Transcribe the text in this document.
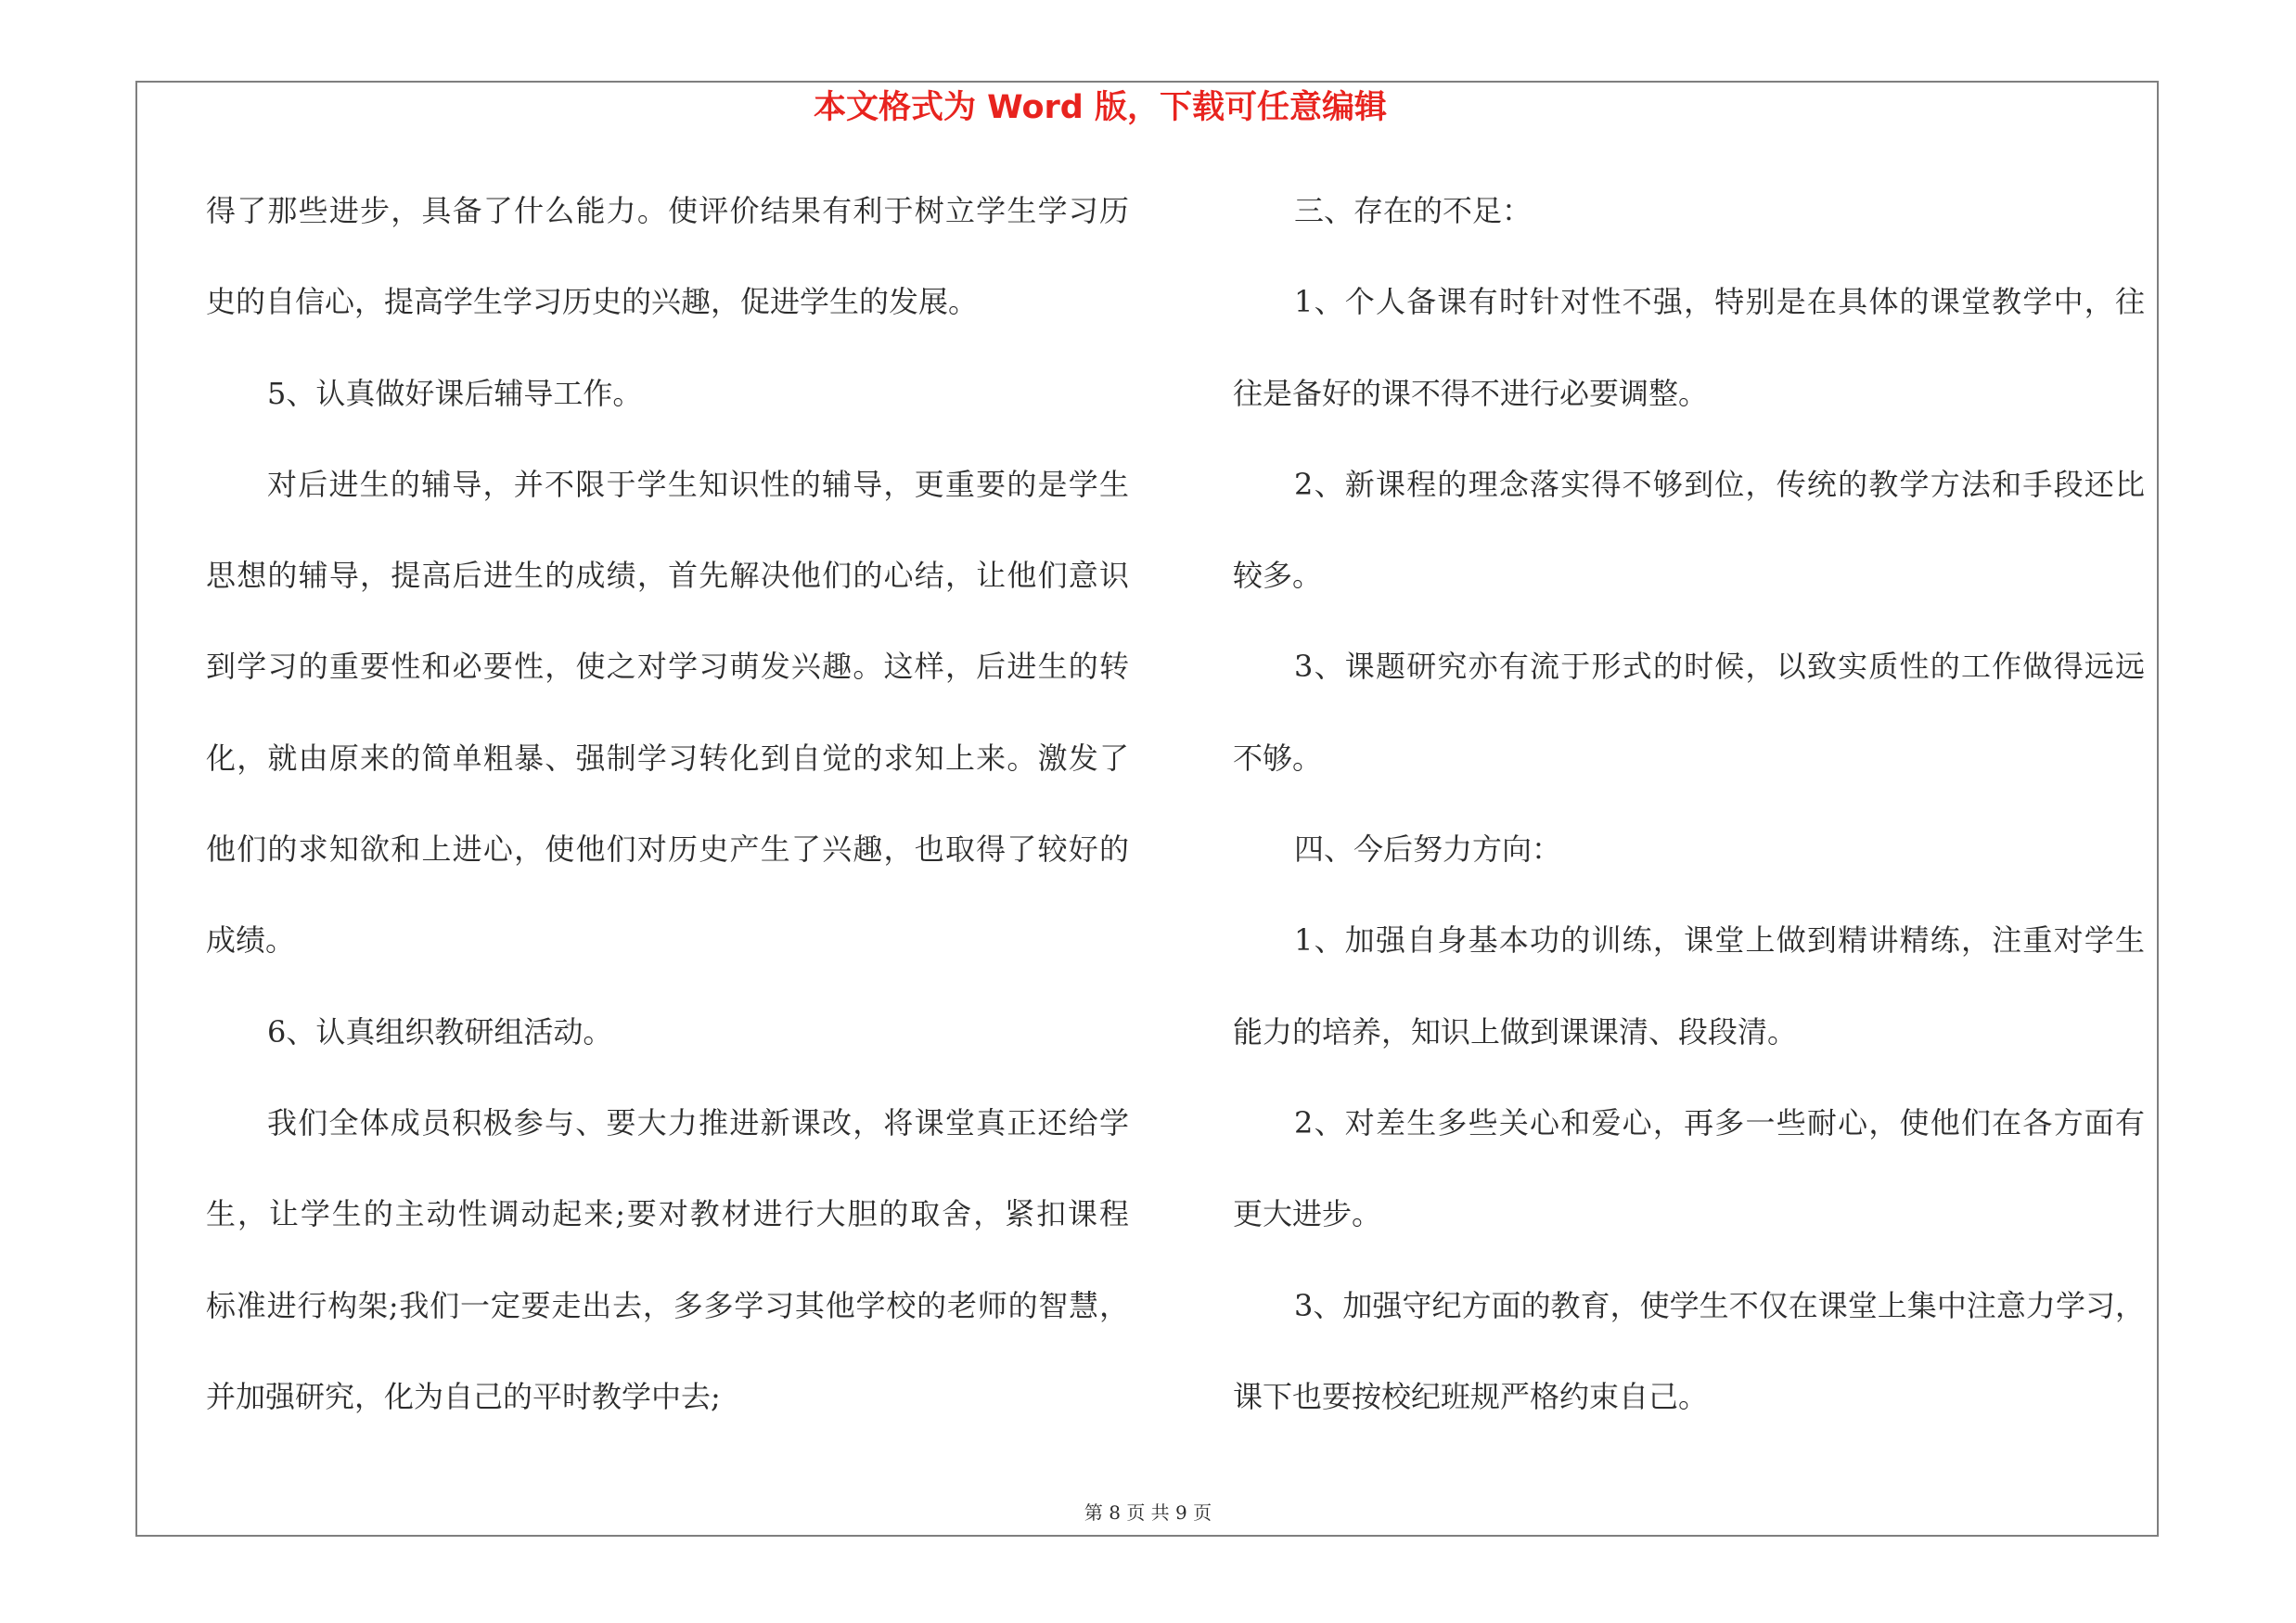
本文格式为 Word 版，下载可任意编辑
得了那些进步，具备了什么能力。使评价结果有利于树立学生学习历
史的自信心，提高学生学习历史的兴趣，促进学生的发展。
5、认真做好课后辅导工作。
对后进生的辅导，并不限于学生知识性的辅导，更重要的是学生
思想的辅导，提高后进生的成绩，首先解决他们的心结，让他们意识
到学习的重要性和必要性，使之对学习萌发兴趣。这样，后进生的转
化，就由原来的简单粗暴、强制学习转化到自觉的求知上来。激发了
他们的求知欲和上进心，使他们对历史产生了兴趣，也取得了较好的
成绩。
6、认真组织教研组活动。
我们全体成员积极参与、要大力推进新课改，将课堂真正还给学
生，让学生的主动性调动起来;要对教材进行大胆的取舍，紧扣课程
标准进行构架;我们一定要走出去，多多学习其他学校的老师的智慧，
并加强研究，化为自己的平时教学中去;
三、存在的不足：
1、个人备课有时针对性不强，特别是在具体的课堂教学中，往
往是备好的课不得不进行必要调整。
2、新课程的理念落实得不够到位，传统的教学方法和手段还比
较多。
3、课题研究亦有流于形式的时候，以致实质性的工作做得远远
不够。
四、今后努力方向：
1、加强自身基本功的训练，课堂上做到精讲精练，注重对学生
能力的培养，知识上做到课课清、段段清。
2、对差生多些关心和爱心，再多一些耐心，使他们在各方面有
更大进步。
3、加强守纪方面的教育，使学生不仅在课堂上集中注意力学习，
课下也要按校纪班规严格约束自己。
第 8 页 共 9 页
